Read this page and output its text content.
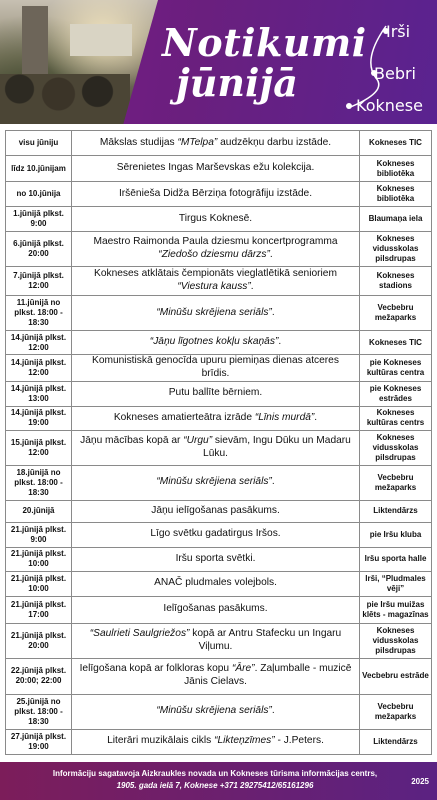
Notikumi
jūnijā
Irši
Bebri
Koknese
visu jūniju	Mākslas studijas “MTelpa” audzēkņu darbu izstāde.	Kokneses TIC
līdz 10.jūnijam	Sērenietes Ingas Marševskas ežu kolekcija.	Kokneses bibliotēka
no 10.jūnija	Iršēnieša Didža Bērziņa fotogrāfiju izstāde.	Kokneses bibliotēka
1.jūnijā plkst. 9:00	Tirgus Koknesē.	Blaumaņa iela
6.jūnijā plkst. 20:00	Maestro Raimonda Paula dziesmu koncertprogramma “Ziedošo dziesmu dārzs”.	Kokneses vidusskolas pilsdrupas
7.jūnijā plkst. 12:00	Kokneses atklātais čempionāts vieglatlētikā senioriem “Viestura kauss”.	Kokneses stadions
11.jūnijā no plkst. 18:00 - 18:30	“Minūšu skrējiena seriāls”.	Vecbebru mežaparks
14.jūnijā plkst. 12:00	“Jāņu līgotnes kokļu skaņās”.	Kokneses TIC
14.jūnijā plkst. 12:00	Komunistiskā genocīda upuru piemiņas dienas atceres brīdis.	pie Kokneses kultūras centra
14.jūnijā plkst. 13:00	Putu ballīte bērniem.	pie Kokneses estrādes
14.jūnijā plkst. 19:00	Kokneses amatierteātra izrāde “Līnis murdā”.	Kokneses kultūras centrs
15.jūnijā plkst. 12:00	Jāņu mācības kopā ar “Urgu” sievām, Ingu Dūku un Madaru Lūku.	Kokneses vidusskolas pilsdrupas
18.jūnijā no plkst. 18:00 - 18:30	“Minūšu skrējiena seriāls”.	Vecbebru mežaparks
20.jūnijā	Jāņu ielīgošanas pasākums.	Liktendārzs
21.jūnijā plkst. 9:00	Līgo svētku gadatirgus Iršos.	pie Iršu kluba
21.jūnijā plkst. 10:00	Iršu sporta svētki.	Iršu sporta halle
21.jūnijā plkst. 10:00	ANAČ pludmales volejbols.	Irši, “Pludmales vēji”
21.jūnijā plkst. 17:00	Ielīgošanas pasākums.	pie Iršu muižas klēts - magazīnas
21.jūnijā plkst. 20:00	“Saulrieti Saulgriežos” kopā ar Antru Stafecku un Ingaru Viļumu.	Kokneses vidusskolas pilsdrupas
22.jūnijā plkst. 20:00; 22:00	Ielīgošana kopā ar folkloras kopu “Āre”. Zaļumballe - muzicē Jānis Cielavs.	Vecbebru estrāde
25.jūnijā no plkst. 18:00 - 18:30	“Minūšu skrējiena seriāls”.	Vecbebru mežaparks
27.jūnijā plkst. 19:00	Literāri muzikālais cikls “Likteņzīmes” - J.Peters.	Liktendārzs
Informāciju sagatavoja Aizkraukles novada un Kokneses tūrisma informācijas centrs,
1905. gada ielā 7, Koknese +371 29275412/65161296	2025
